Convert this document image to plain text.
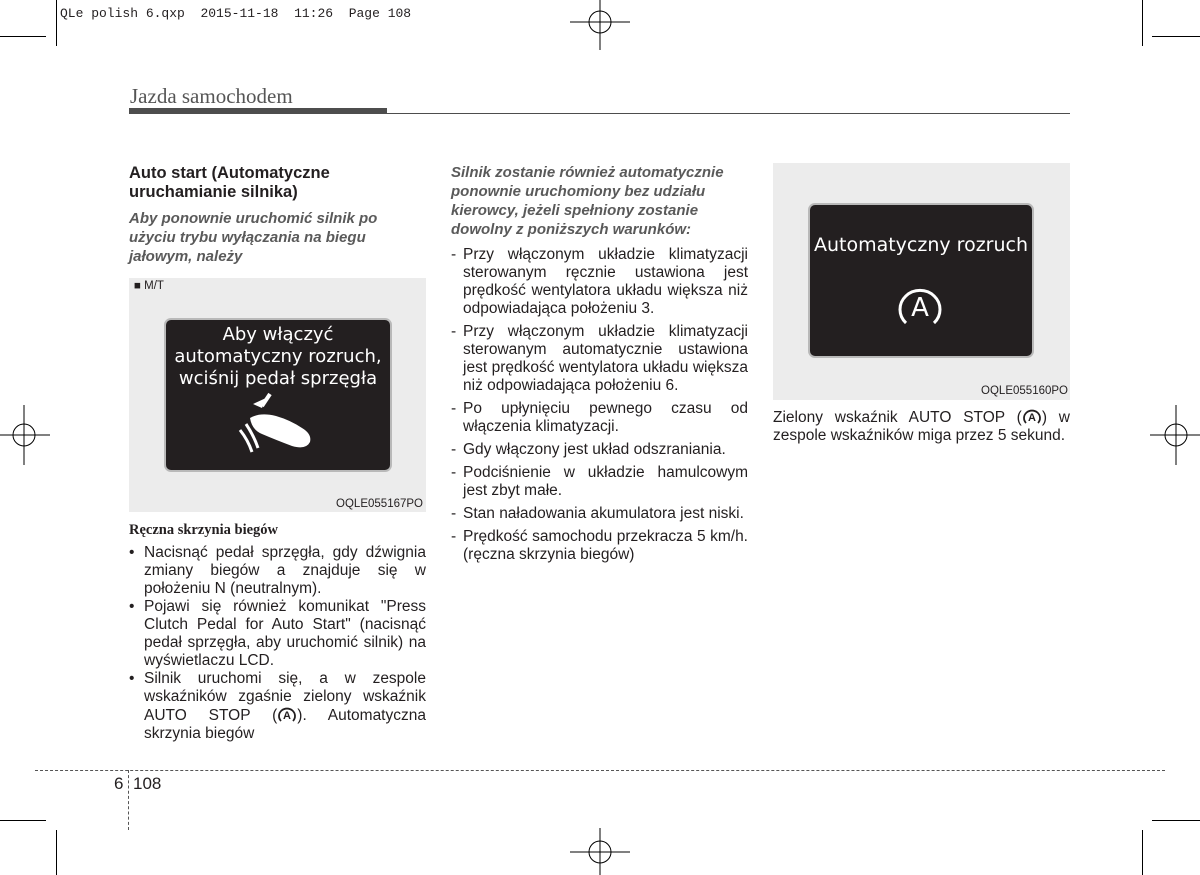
QLe polish 6.qxp 2015-11-18 11:26 Page 108
Jazda samochodem
Auto start (Automatyczne uruchamianie silnika)
Aby ponownie uruchomić silnik po użyciu trybu wyłączania na biegu jałowym, należy
■ M/T
Aby włączyć
automatyczny rozruch,
wciśnij pedał sprzęgła
OQLE055167PO
Ręczna skrzynia biegów
• Nacisnąć pedał sprzęgła, gdy dźwignia zmiany biegów a znajduje się w położeniu N (neutralnym).
• Pojawi się również komunikat "Press Clutch Pedal for Auto Start" (nacisnąć pedał sprzęgła, aby uruchomić silnik) na wyświetlaczu LCD.
• Silnik uruchomi się, a w zespole wskaźników zgaśnie zielony wskaźnik AUTO STOP ( A ). Automatyczna skrzynia biegów
Silnik zostanie również automatycznie ponownie uruchomiony bez udziału kierowcy, jeżeli spełniony zostanie dowolny z poniższych warunków:
- Przy włączonym układzie klimatyzacji sterowanym ręcznie ustawiona jest prędkość wentylatora układu większa niż odpowiadająca położeniu 3.
- Przy włączonym układzie klimatyzacji sterowanym automatycznie ustawiona jest prędkość wentylatora układu większa niż odpowiadająca położeniu 6.
- Po upłynięciu pewnego czasu od włączenia klimatyzacji.
- Gdy włączony jest układ odszraniania.
- Podciśnienie w układzie hamulcowym jest zbyt małe.
- Stan naładowania akumulatora jest niski.
- Prędkość samochodu przekracza 5 km/h. (ręczna skrzynia biegów)
Automatyczny rozruch
A
OQLE055160PO
Zielony wskaźnik AUTO STOP ( A ) w zespole wskaźników miga przez 5 sekund.
6 108
